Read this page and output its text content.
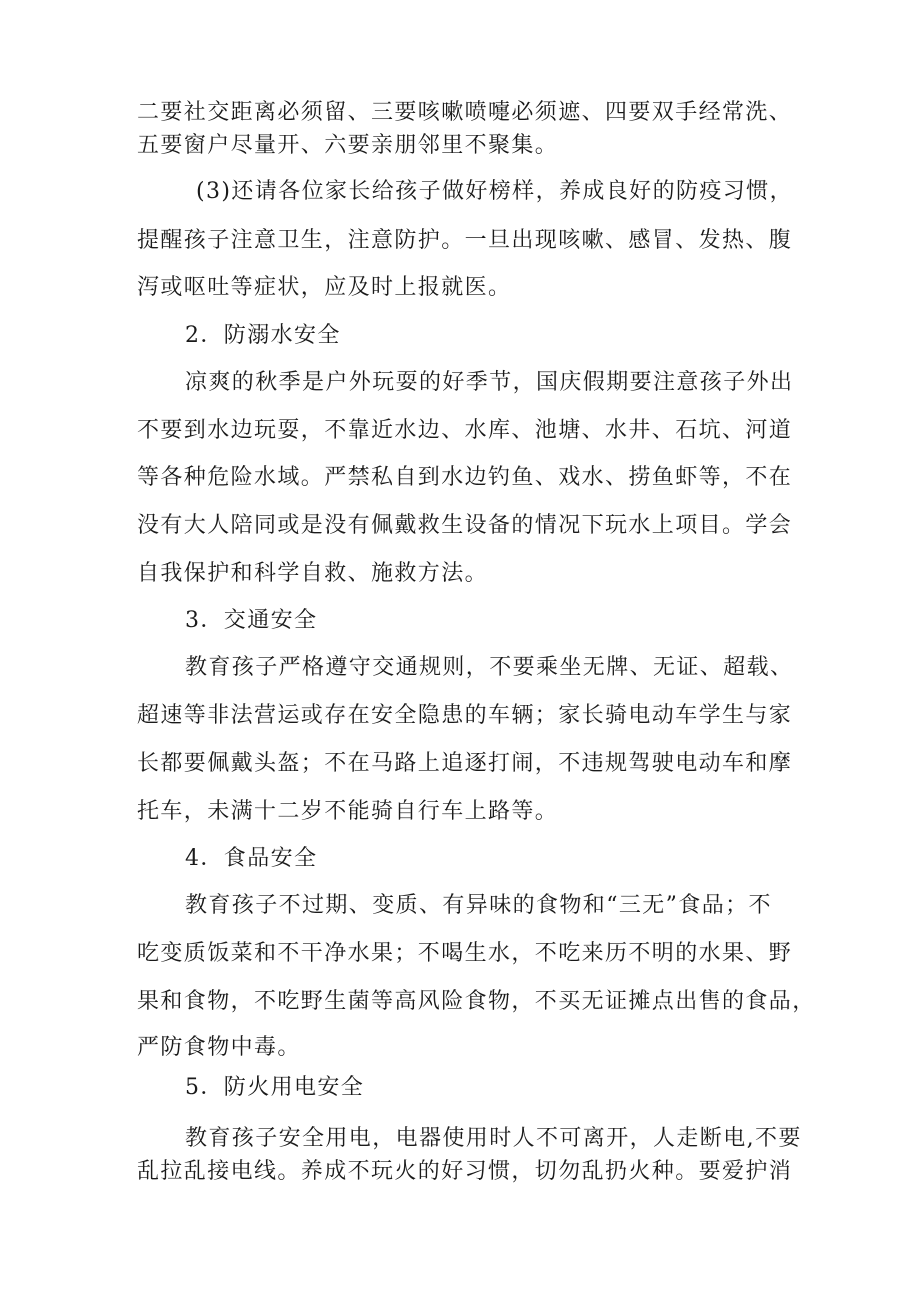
二要社交距离必须留、三要咳嗽喷嚏必须遮、四要双手经常洗、
五要窗户尽量开、六要亲朋邻里不聚集。
(3)还请各位家长给孩子做好榜样，养成良好的防疫习惯，
提醒孩子注意卫生，注意防护。一旦出现咳嗽、感冒、发热、腹
泻或呕吐等症状，应及时上报就医。
2．防溺水安全
凉爽的秋季是户外玩耍的好季节，国庆假期要注意孩子外出
不要到水边玩耍，不靠近水边、水库、池塘、水井、石坑、河道
等各种危险水域。严禁私自到水边钓鱼、戏水、捞鱼虾等，不在
没有大人陪同或是没有佩戴救生设备的情况下玩水上项目。学会
自我保护和科学自救、施救方法。
3．交通安全
教育孩子严格遵守交通规则，不要乘坐无牌、无证、超载、
超速等非法营运或存在安全隐患的车辆；家长骑电动车学生与家
长都要佩戴头盔；不在马路上追逐打闹，不违规驾驶电动车和摩
托车，未满十二岁不能骑自行车上路等。
4．食品安全
教育孩子不过期、变质、有异味的食物和“三无”食品；不
吃变质饭菜和不干净水果；不喝生水，不吃来历不明的水果、野
果和食物，不吃野生菌等高风险食物，不买无证摊点出售的食品，
严防食物中毒。
5．防火用电安全
教育孩子安全用电，电器使用时人不可离开，人走断电,不要
乱拉乱接电线。养成不玩火的好习惯，切勿乱扔火种。要爱护消
